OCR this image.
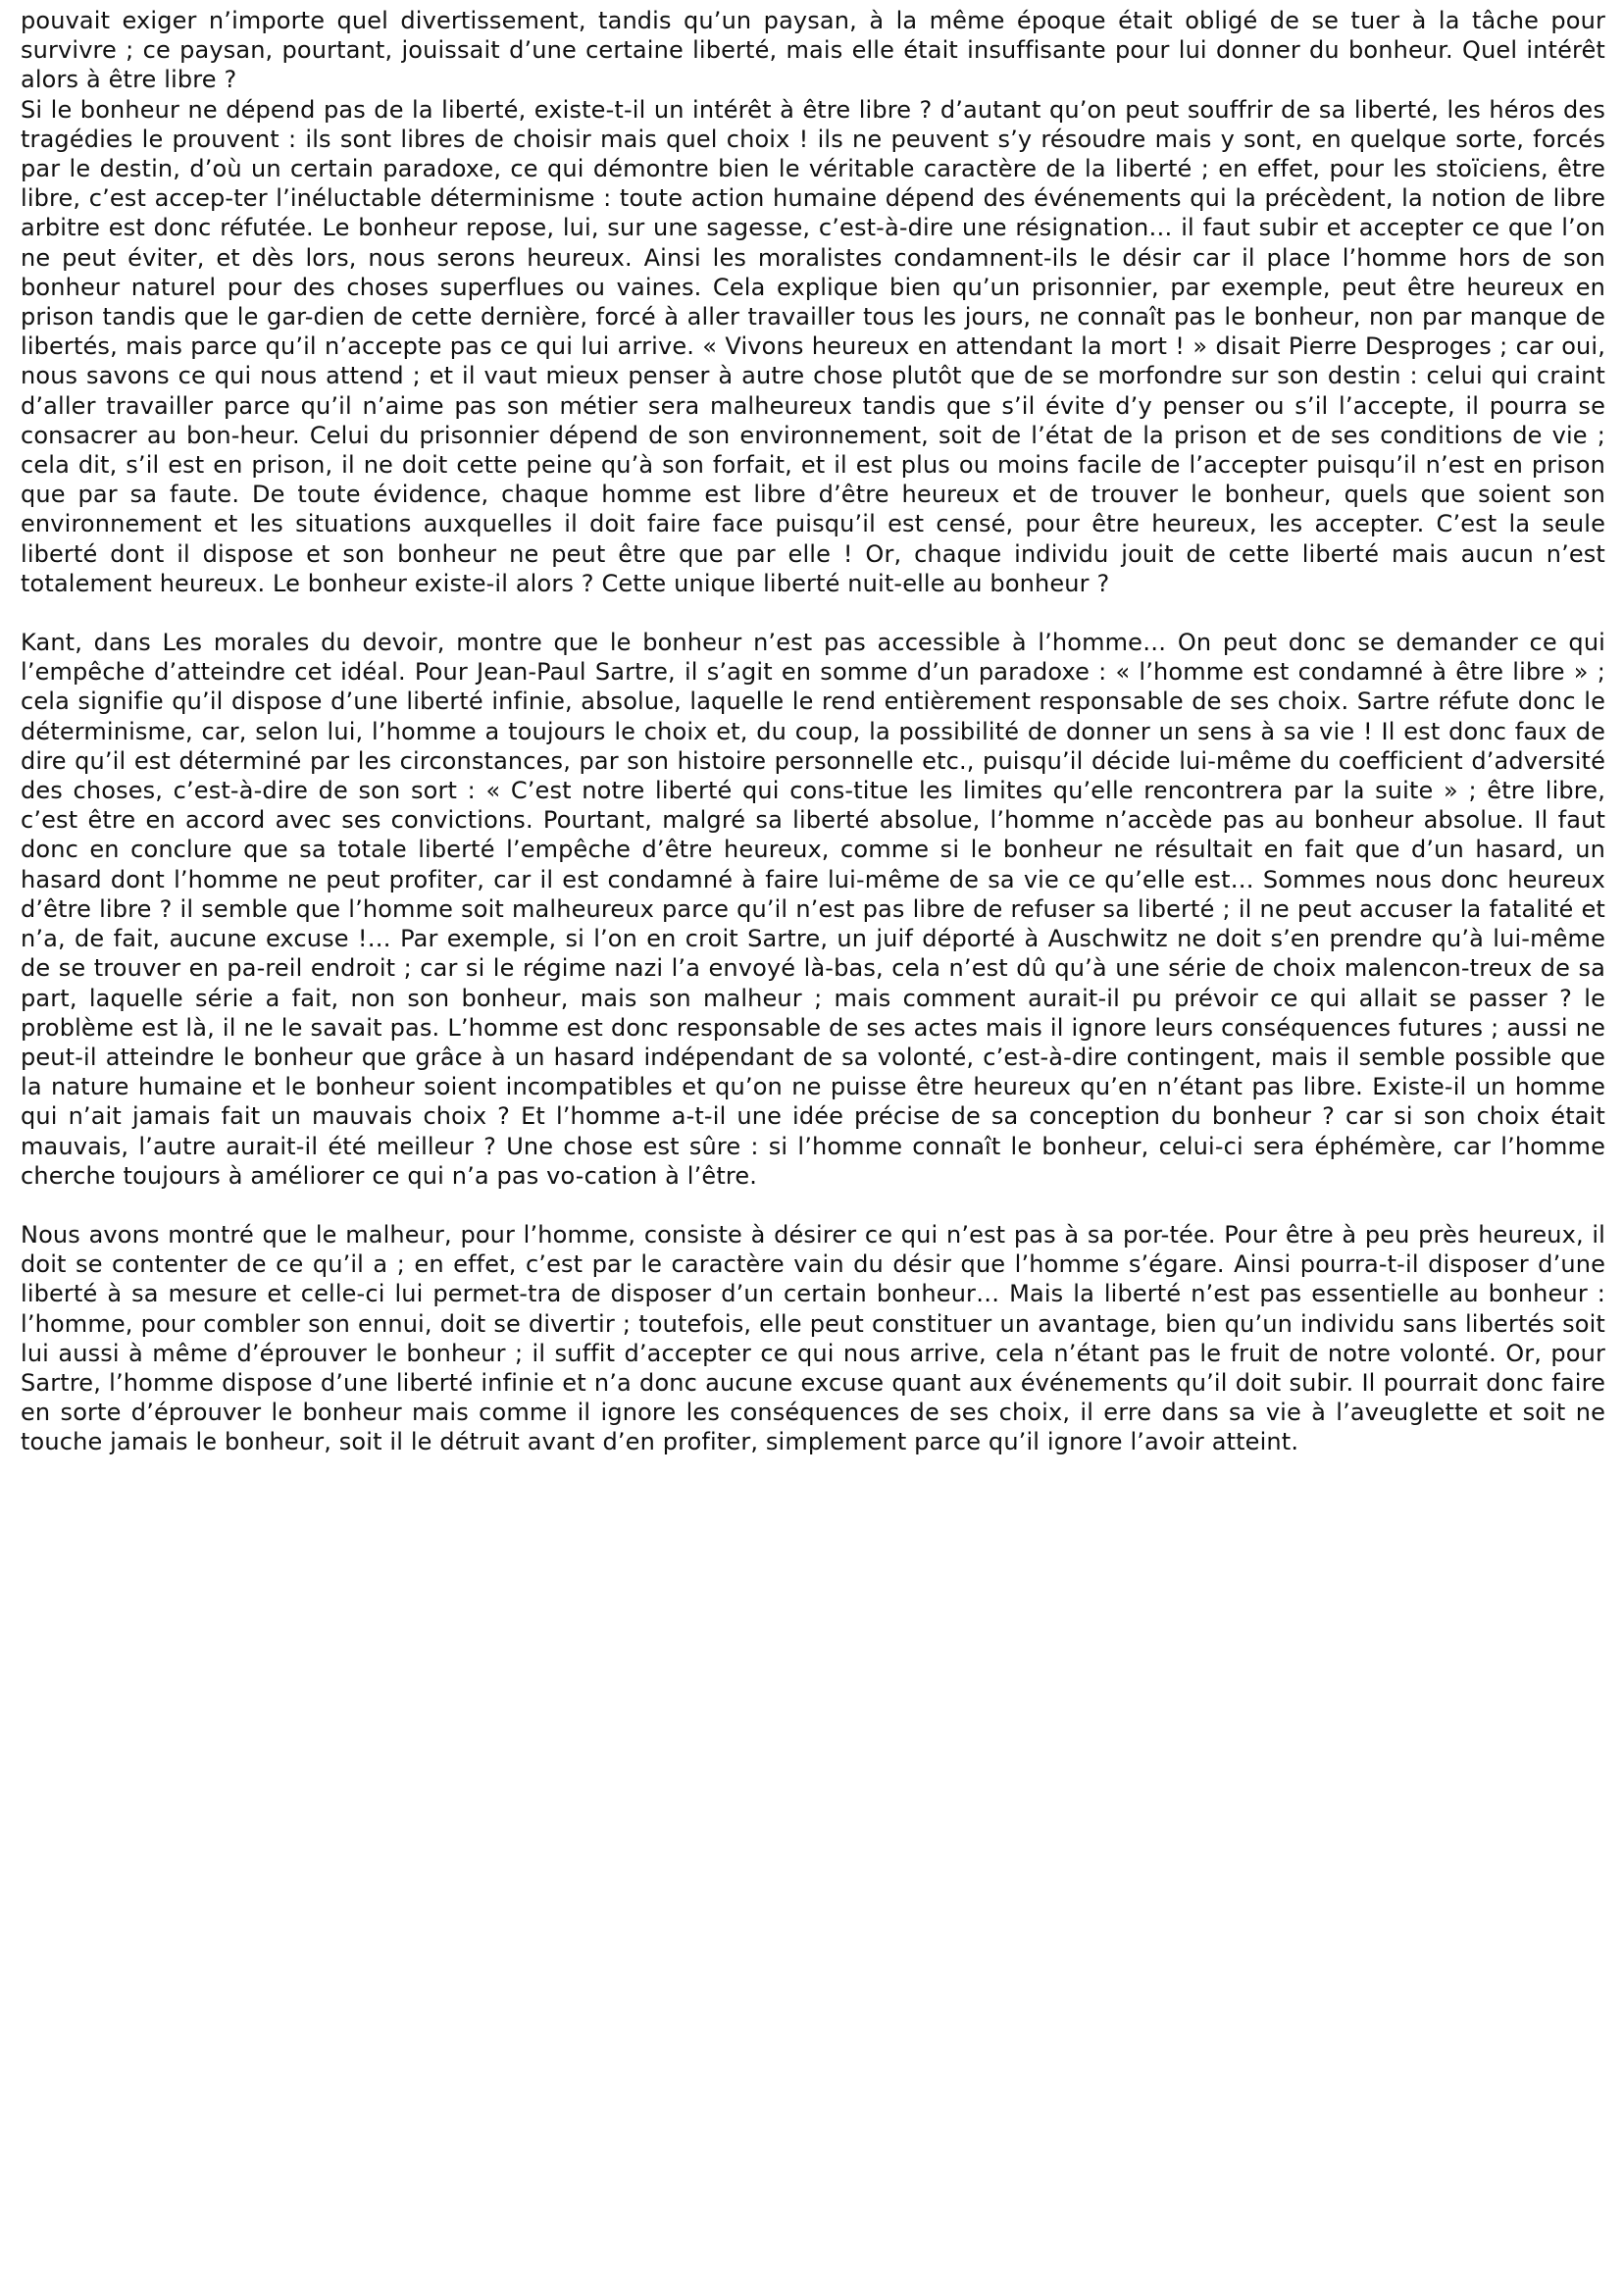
pouvait exiger n’importe quel divertissement, tandis qu’un paysan, à la même époque était obligé de se tuer à la tâche pour survivre ; ce paysan, pourtant, jouissait d’une certaine liberté, mais elle était insuffisante pour lui donner du bonheur. Quel intérêt alors à être libre ?

Si le bonheur ne dépend pas de la liberté, existe-t-il un intérêt à être libre ? d’autant qu’on peut souffrir de sa liberté, les héros des tragédies le prouvent : ils sont libres de choisir mais quel choix ! ils ne peuvent s’y résoudre mais y sont, en quelque sorte, forcés par le destin, d’où un certain paradoxe, ce qui démontre bien le véritable caractère de la liberté ; en effet, pour les stoïciens, être libre, c’est accep-ter l’inéluctable déterminisme : toute action humaine dépend des événements qui la précèdent, la notion de libre arbitre est donc réfutée. Le bonheur repose, lui, sur une sagesse, c’est-à-dire une résignation… il faut subir et accepter ce que l’on ne peut éviter, et dès lors, nous serons heureux. Ainsi les moralistes condamnent-ils le désir car il place l’homme hors de son bonheur naturel pour des choses superflues ou vaines. Cela explique bien qu’un prisonnier, par exemple, peut être heureux en prison tandis que le gar-dien de cette dernière, forcé à aller travailler tous les jours, ne connaît pas le bonheur, non par manque de libertés, mais parce qu’il n’accepte pas ce qui lui arrive. « Vivons heureux en attendant la mort ! » disait Pierre Desproges ; car oui, nous savons ce qui nous attend ; et il vaut mieux penser à autre chose plutôt que de se morfondre sur son destin : celui qui craint d’aller travailler parce qu’il n’aime pas son métier sera malheureux tandis que s’il évite d’y penser ou s’il l’accepte, il pourra se consacrer au bon-heur. Celui du prisonnier dépend de son environnement, soit de l’état de la prison et de ses conditions de vie ; cela dit, s’il est en prison, il ne doit cette peine qu’à son forfait, et il est plus ou moins facile de l’accepter puisqu’il n’est en prison que par sa faute. De toute évidence, chaque homme est libre d’être heureux et de trouver le bonheur, quels que soient son environnement et les situations auxquelles il doit faire face puisqu’il est censé, pour être heureux, les accepter. C’est la seule liberté dont il dispose et son bonheur ne peut être que par elle ! Or, chaque individu jouit de cette liberté mais aucun n’est totalement heureux. Le bonheur existe-il alors ? Cette unique liberté nuit-elle au bonheur ?

Kant, dans Les morales du devoir, montre que le bonheur n’est pas accessible à l’homme… On peut donc se demander ce qui l’empêche d’atteindre cet idéal. Pour Jean-Paul Sartre, il s’agit en somme d’un paradoxe : « l’homme est condamné à être libre » ; cela signifie qu’il dispose d’une liberté infinie, absolue, laquelle le rend entièrement responsable de ses choix. Sartre réfute donc le déterminisme, car, selon lui, l’homme a toujours le choix et, du coup, la possibilité de donner un sens à sa vie ! Il est donc faux de dire qu’il est déterminé par les circonstances, par son histoire personnelle etc., puisqu’il décide lui-même du coefficient d’adversité des choses, c’est-à-dire de son sort : « C’est notre liberté qui cons-titue les limites qu’elle rencontrera par la suite » ; être libre, c’est être en accord avec ses convictions. Pourtant, malgré sa liberté absolue, l’homme n’accède pas au bonheur absolue. Il faut donc en conclure que sa totale liberté l’empêche d’être heureux, comme si le bonheur ne résultait en fait que d’un hasard, un hasard dont l’homme ne peut profiter, car il est condamné à faire lui-même de sa vie ce qu’elle est… Sommes nous donc heureux d’être libre ? il semble que l’homme soit malheureux parce qu’il n’est pas libre de refuser sa liberté ; il ne peut accuser la fatalité et n’a, de fait, aucune excuse !… Par exemple, si l’on en croit Sartre, un juif déporté à Auschwitz ne doit s’en prendre qu’à lui-même de se trouver en pa-reil endroit ; car si le régime nazi l’a envoyé là-bas, cela n’est dû qu’à une série de choix malencon-treux de sa part, laquelle série a fait, non son bonheur, mais son malheur ; mais comment aurait-il pu prévoir ce qui allait se passer ? le problème est là, il ne le savait pas. L’homme est donc responsable de ses actes mais il ignore leurs conséquences futures ; aussi ne peut-il atteindre le bonheur que grâce à un hasard indépendant de sa volonté, c’est-à-dire contingent, mais il semble possible que la nature humaine et le bonheur soient incompatibles et qu’on ne puisse être heureux qu’en n’étant pas libre. Existe-il un homme qui n’ait jamais fait un mauvais choix ? Et l’homme a-t-il une idée précise de sa conception du bonheur ? car si son choix était mauvais, l’autre aurait-il été meilleur ? Une chose est sûre : si l’homme connaît le bonheur, celui-ci sera éphémère, car l’homme cherche toujours à améliorer ce qui n’a pas vo-cation à l’être.

Nous avons montré que le malheur, pour l’homme, consiste à désirer ce qui n’est pas à sa por-tée. Pour être à peu près heureux, il doit se contenter de ce qu’il a ; en effet, c’est par le caractère vain du désir que l’homme s’égare. Ainsi pourra-t-il disposer d’une liberté à sa mesure et celle-ci lui permet-tra de disposer d’un certain bonheur… Mais la liberté n’est pas essentielle au bonheur : l’homme, pour combler son ennui, doit se divertir ; toutefois, elle peut constituer un avantage, bien qu’un individu sans libertés soit lui aussi à même d’éprouver le bonheur ; il suffit d’accepter ce qui nous arrive, cela n’étant pas le fruit de notre volonté. Or, pour Sartre, l’homme dispose d’une liberté infinie et n’a donc aucune excuse quant aux événements qu’il doit subir. Il pourrait donc faire en sorte d’éprouver le bonheur mais comme il ignore les conséquences de ses choix, il erre dans sa vie à l’aveuglette et soit ne touche jamais le bonheur, soit il le détruit avant d’en profiter, simplement parce qu’il ignore l’avoir atteint.
